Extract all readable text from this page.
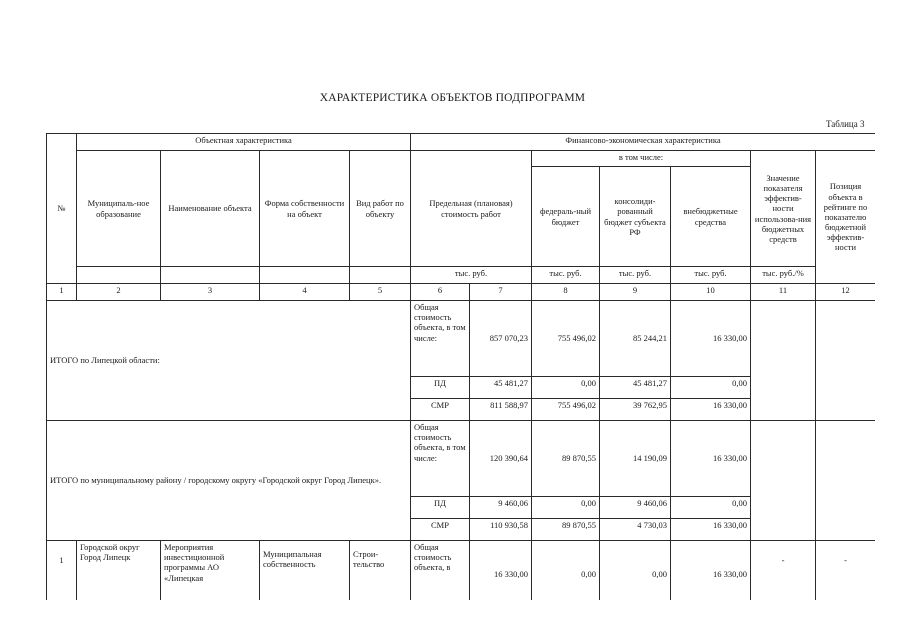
ХАРАКТЕРИСТИКА ОБЪЕКТОВ ПОДПРОГРАММ
Таблица 3
№	Объектная характеристика				Финансово-экономическая характеристика						
	Муниципаль-ное образование	Наименование объекта	Форма собственности на объект	Вид работ по объекту	Предельная (плановая) стоимость работ		в том числе:			Значение показателя эффектив-ности использова-ния бюджетных средств	Позиция объекта в рейтинге по показателю бюджетной эффектив-ности
							федераль-ный бюджет	консолиди-рованный бюджет субъекта РФ	внебюджетные средства		
					тыс. руб.		тыс. руб.	тыс. руб.	тыс. руб.	тыс. руб./%	
1	2	3	4	5	6	7	8	9	10	11	12
ИТОГО по Липецкой области:					Общая стоимость объекта, в том числе:	857 070,23	755 496,02	85 244,21	16 330,00		
					ПД	45 481,27	0,00	45 481,27	0,00		
					СМР	811 588,97	755 496,02	39 762,95	16 330,00		
ИТОГО по муниципальному району / городскому округу «Городской округ Город Липецк».					Общая стоимость объекта, в том числе:	120 390,64	89 870,55	14 190,09	16 330,00		
					ПД	9 460,06	0,00	9 460,06	0,00		
					СМР	110 930,58	89 870,55	4 730,03	16 330,00		
1	Городской округ Город Липецк	Мероприятия инвестиционной программы АО «Липецкая	Муниципальная собственность	Строи-тельство	Общая стоимость объекта, в	16 330,00	0,00	0,00	16 330,00	-	-
